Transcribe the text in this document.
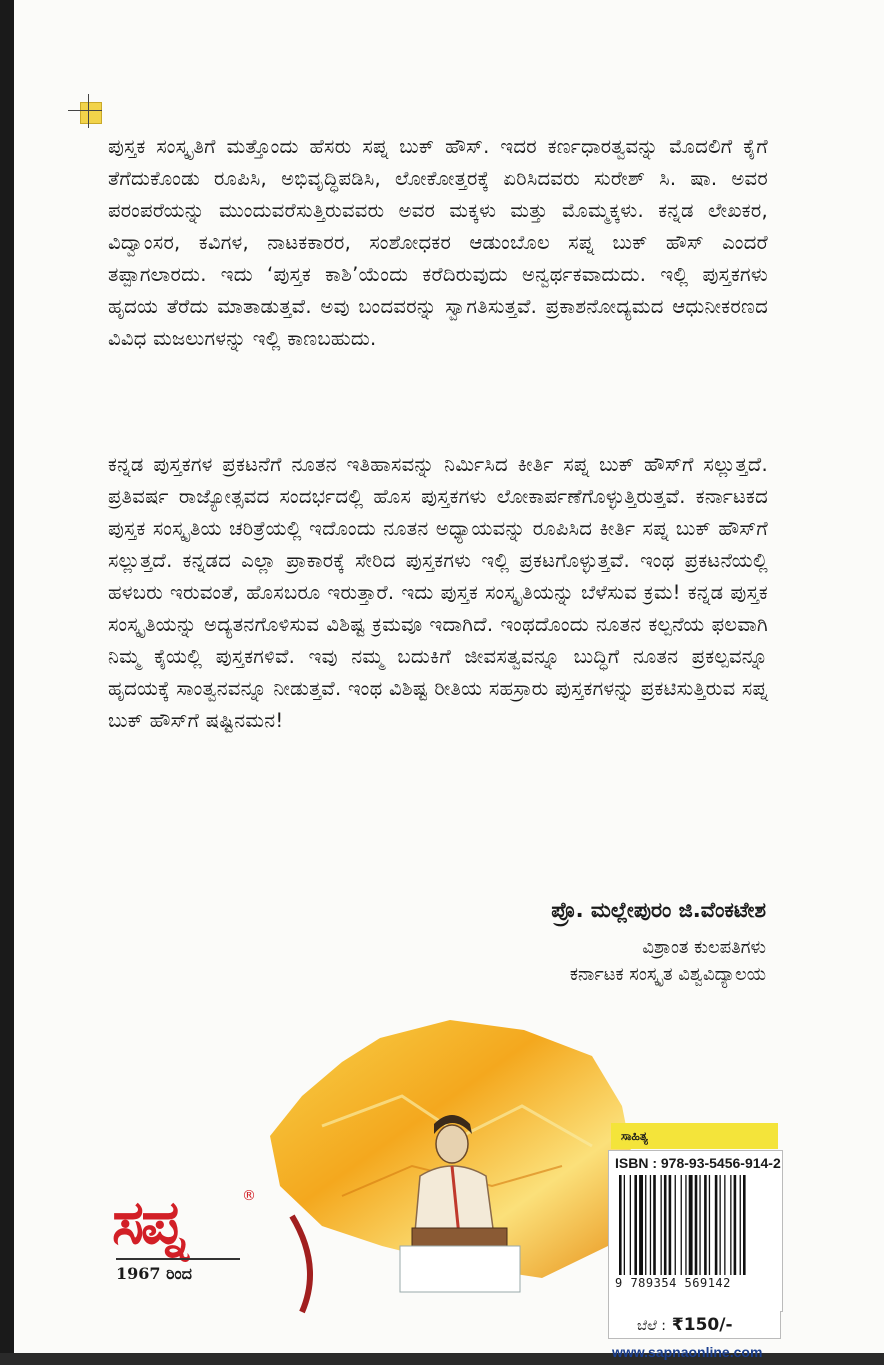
ಪುಸ್ತಕ ಸಂಸ್ಕೃತಿಗೆ ಮತ್ತೊಂದು ಹೆಸರು ಸಪ್ನ ಬುಕ್ ಹೌಸ್. ಇದರ ಕರ್ಣಧಾರತ್ವವನ್ನು ಮೊದಲಿಗೆ ಕೈಗೆ ತೆಗೆದುಕೊಂಡು ರೂಪಿಸಿ, ಅಭಿವೃದ್ಧಿಪಡಿಸಿ, ಲೋಕೋತ್ತರಕ್ಕೆ ಏರಿಸಿದವರು ಸುರೇಶ್ ಸಿ. ಷಾ. ಅವರ ಪರಂಪರೆಯನ್ನು ಮುಂದುವರೆಸುತ್ತಿರುವವರು ಅವರ ಮಕ್ಕಳು ಮತ್ತು ಮೊಮ್ಮಕ್ಕಳು. ಕನ್ನಡ ಲೇಖಕರ, ವಿದ್ವಾಂಸರ, ಕವಿಗಳ, ನಾಟಕಕಾರರ, ಸಂಶೋಧಕರ ಆಡುಂಬೊಲ ಸಪ್ನ ಬುಕ್ ಹೌಸ್ ಎಂದರೆ ತಪ್ಪಾಗಲಾರದು. ಇದು ‘ಪುಸ್ತಕ ಕಾಶಿ’ಯೆಂದು ಕರೆದಿರುವುದು ಅನ್ವರ್ಥಕವಾದುದು. ಇಲ್ಲಿ ಪುಸ್ತಕಗಳು ಹೃದಯ ತೆರೆದು ಮಾತಾಡುತ್ತವೆ. ಅವು ಬಂದವರನ್ನು ಸ್ವಾಗತಿಸುತ್ತವೆ. ಪ್ರಕಾಶನೋದ್ಯಮದ ಆಧುನೀಕರಣದ ವಿವಿಧ ಮಜಲುಗಳನ್ನು ಇಲ್ಲಿ ಕಾಣಬಹುದು.

ಕನ್ನಡ ಪುಸ್ತಕಗಳ ಪ್ರಕಟನೆಗೆ ನೂತನ ಇತಿಹಾಸವನ್ನು ನಿರ್ಮಿಸಿದ ಕೀರ್ತಿ ಸಪ್ನ ಬುಕ್ ಹೌಸ್‌ಗೆ ಸಲ್ಲುತ್ತದೆ. ಪ್ರತಿವರ್ಷ ರಾಜ್ಯೋತ್ಸವದ ಸಂದರ್ಭದಲ್ಲಿ ಹೊಸ ಪುಸ್ತಕಗಳು ಲೋಕಾರ್ಪಣೆಗೊಳ್ಳುತ್ತಿರುತ್ತವೆ. ಕರ್ನಾಟಕದ ಪುಸ್ತಕ ಸಂಸ್ಕೃತಿಯ ಚರಿತ್ರೆಯಲ್ಲಿ ಇದೊಂದು ನೂತನ ಅಧ್ಯಾಯವನ್ನು ರೂಪಿಸಿದ ಕೀರ್ತಿ ಸಪ್ನ ಬುಕ್ ಹೌಸ್‌ಗೆ ಸಲ್ಲುತ್ತದೆ. ಕನ್ನಡದ ಎಲ್ಲಾ ಪ್ರಾಕಾರಕ್ಕೆ ಸೇರಿದ ಪುಸ್ತಕಗಳು ಇಲ್ಲಿ ಪ್ರಕಟಗೊಳ್ಳುತ್ತವೆ. ಇಂಥ ಪ್ರಕಟನೆಯಲ್ಲಿ ಹಳಬರು ಇರುವಂತೆ, ಹೊಸಬರೂ ಇರುತ್ತಾರೆ. ಇದು ಪುಸ್ತಕ ಸಂಸ್ಕೃತಿಯನ್ನು ಬೆಳೆಸುವ ಕ್ರಮ! ಕನ್ನಡ ಪುಸ್ತಕ ಸಂಸ್ಕೃತಿಯನ್ನು ಅದ್ಯತನಗೊಳಿಸುವ ವಿಶಿಷ್ಟ ಕ್ರಮವೂ ಇದಾಗಿದೆ. ಇಂಥದೊಂದು ನೂತನ ಕಲ್ಪನೆಯ ಫಲವಾಗಿ ನಿಮ್ಮ ಕೈಯಲ್ಲಿ ಪುಸ್ತಕಗಳಿವೆ. ಇವು ನಮ್ಮ ಬದುಕಿಗೆ ಜೀವಸತ್ವವನ್ನೂ ಬುದ್ಧಿಗೆ ನೂತನ ಪ್ರಕಲ್ಪವನ್ನೂ ಹೃದಯಕ್ಕೆ ಸಾಂತ್ವನವನ್ನೂ ನೀಡುತ್ತವೆ. ಇಂಥ ವಿಶಿಷ್ಟ ರೀತಿಯ ಸಹಸ್ರಾರು ಪುಸ್ತಕಗಳನ್ನು ಪ್ರಕಟಿಸುತ್ತಿರುವ ಸಪ್ನ ಬುಕ್ ಹೌಸ್‌ಗೆ ಷಷ್ಟಿನಮನ!

ಪ್ರೊ. ಮಲ್ಲೇಪುರಂ ಜಿ.ವೆಂಕಟೇಶ

ವಿಶ್ರಾಂತ ಕುಲಪತಿಗಳು

ಕರ್ನಾಟಕ ಸಂಸ್ಕೃತ ವಿಶ್ವವಿದ್ಯಾಲಯ

ಸಪ್ನ	®
1967 ರಿಂದ
ಸಾಹಿತ್ಯ
ISBN : 978-93-5456-914-2
9 789354 569142
ಬೆಲೆ : ₹150/-
www.sapnaonline.com
